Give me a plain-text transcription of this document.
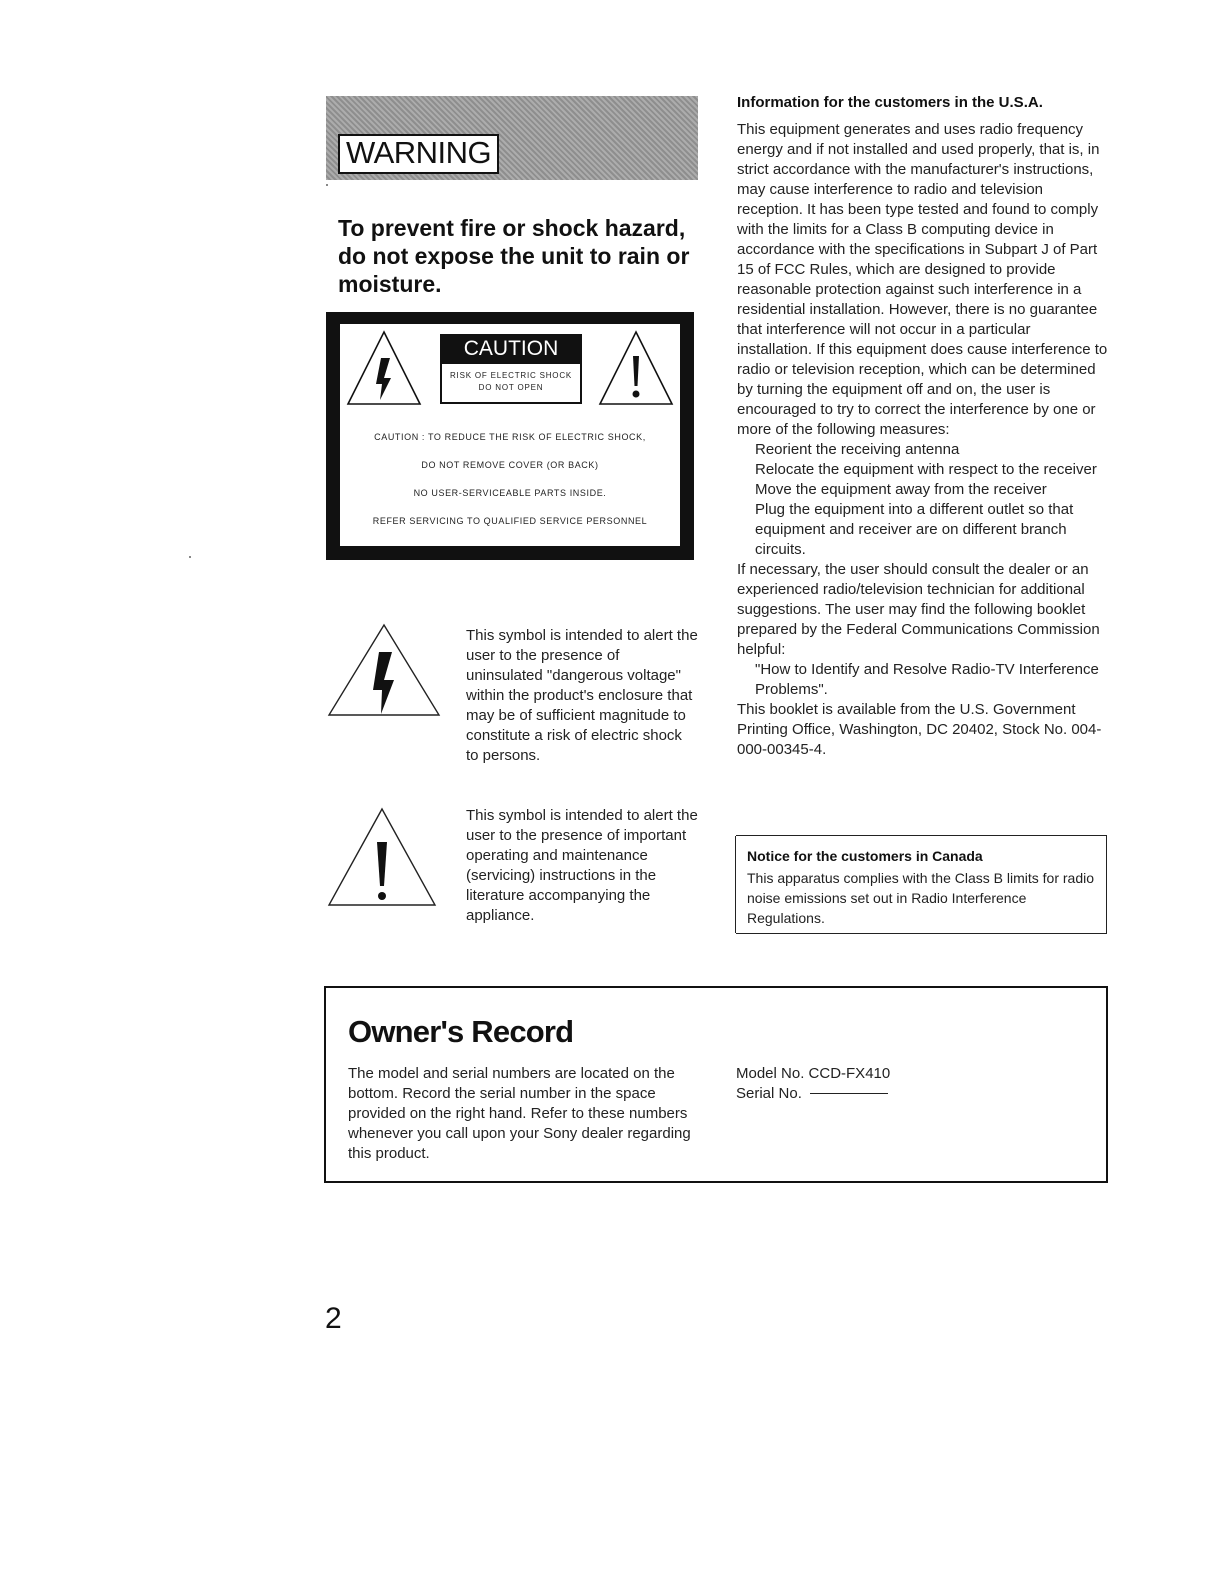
WARNING
To prevent fire or shock hazard, do not expose the unit to rain or moisture.
CAUTION
RISK OF ELECTRIC SHOCK
DO NOT OPEN
CAUTION : TO REDUCE THE RISK OF ELECTRIC SHOCK,
DO NOT REMOVE COVER (OR BACK)
NO USER-SERVICEABLE PARTS INSIDE.
REFER SERVICING TO QUALIFIED SERVICE PERSONNEL

This symbol is intended to alert the user to the presence of uninsulated "dangerous voltage" within the product's enclosure that may be of sufficient magnitude to constitute a risk of electric shock to persons.

This symbol is intended to alert the user to the presence of important operating and maintenance (servicing) instructions in the literature accompanying the appliance.

Information for the customers in the U.S.A.

This equipment generates and uses radio frequency energy and if not installed and used properly, that is, in strict accordance with the manufacturer's instructions, may cause interference to radio and television reception. It has been type tested and found to comply with the limits for a Class B computing device in accordance with the specifications in Subpart J of Part 15 of FCC Rules, which are designed to provide reasonable protection against such interference in a residential installation. However, there is no guarantee that interference will not occur in a particular installation. If this equipment does cause interference to radio or television reception, which can be determined by turning the equipment off and on, the user is encouraged to try to correct the interference by one or more of the following measures:

Reorient the receiving antenna

Relocate the equipment with respect to the receiver

Move the equipment away from the receiver

Plug the equipment into a different outlet so that equipment and receiver are on different branch circuits.

If necessary, the user should consult the dealer or an experienced radio/television technician for additional suggestions. The user may find the following booklet prepared by the Federal Communications Commission helpful:

"How to Identify and Resolve Radio-TV Interference Problems".

This booklet is available from the U.S. Government Printing Office, Washington, DC 20402, Stock No. 004-000-00345-4.

Notice for the customers in Canada
This apparatus complies with the Class B limits for radio noise emissions set out in Radio Interference Regulations.
Owner's Record

The model and serial numbers are located on the bottom. Record the serial number in the space provided on the right hand. Refer to these numbers whenever you call upon your Sony dealer regarding this product.

Model No. CCD-FX410
Serial No.
2
